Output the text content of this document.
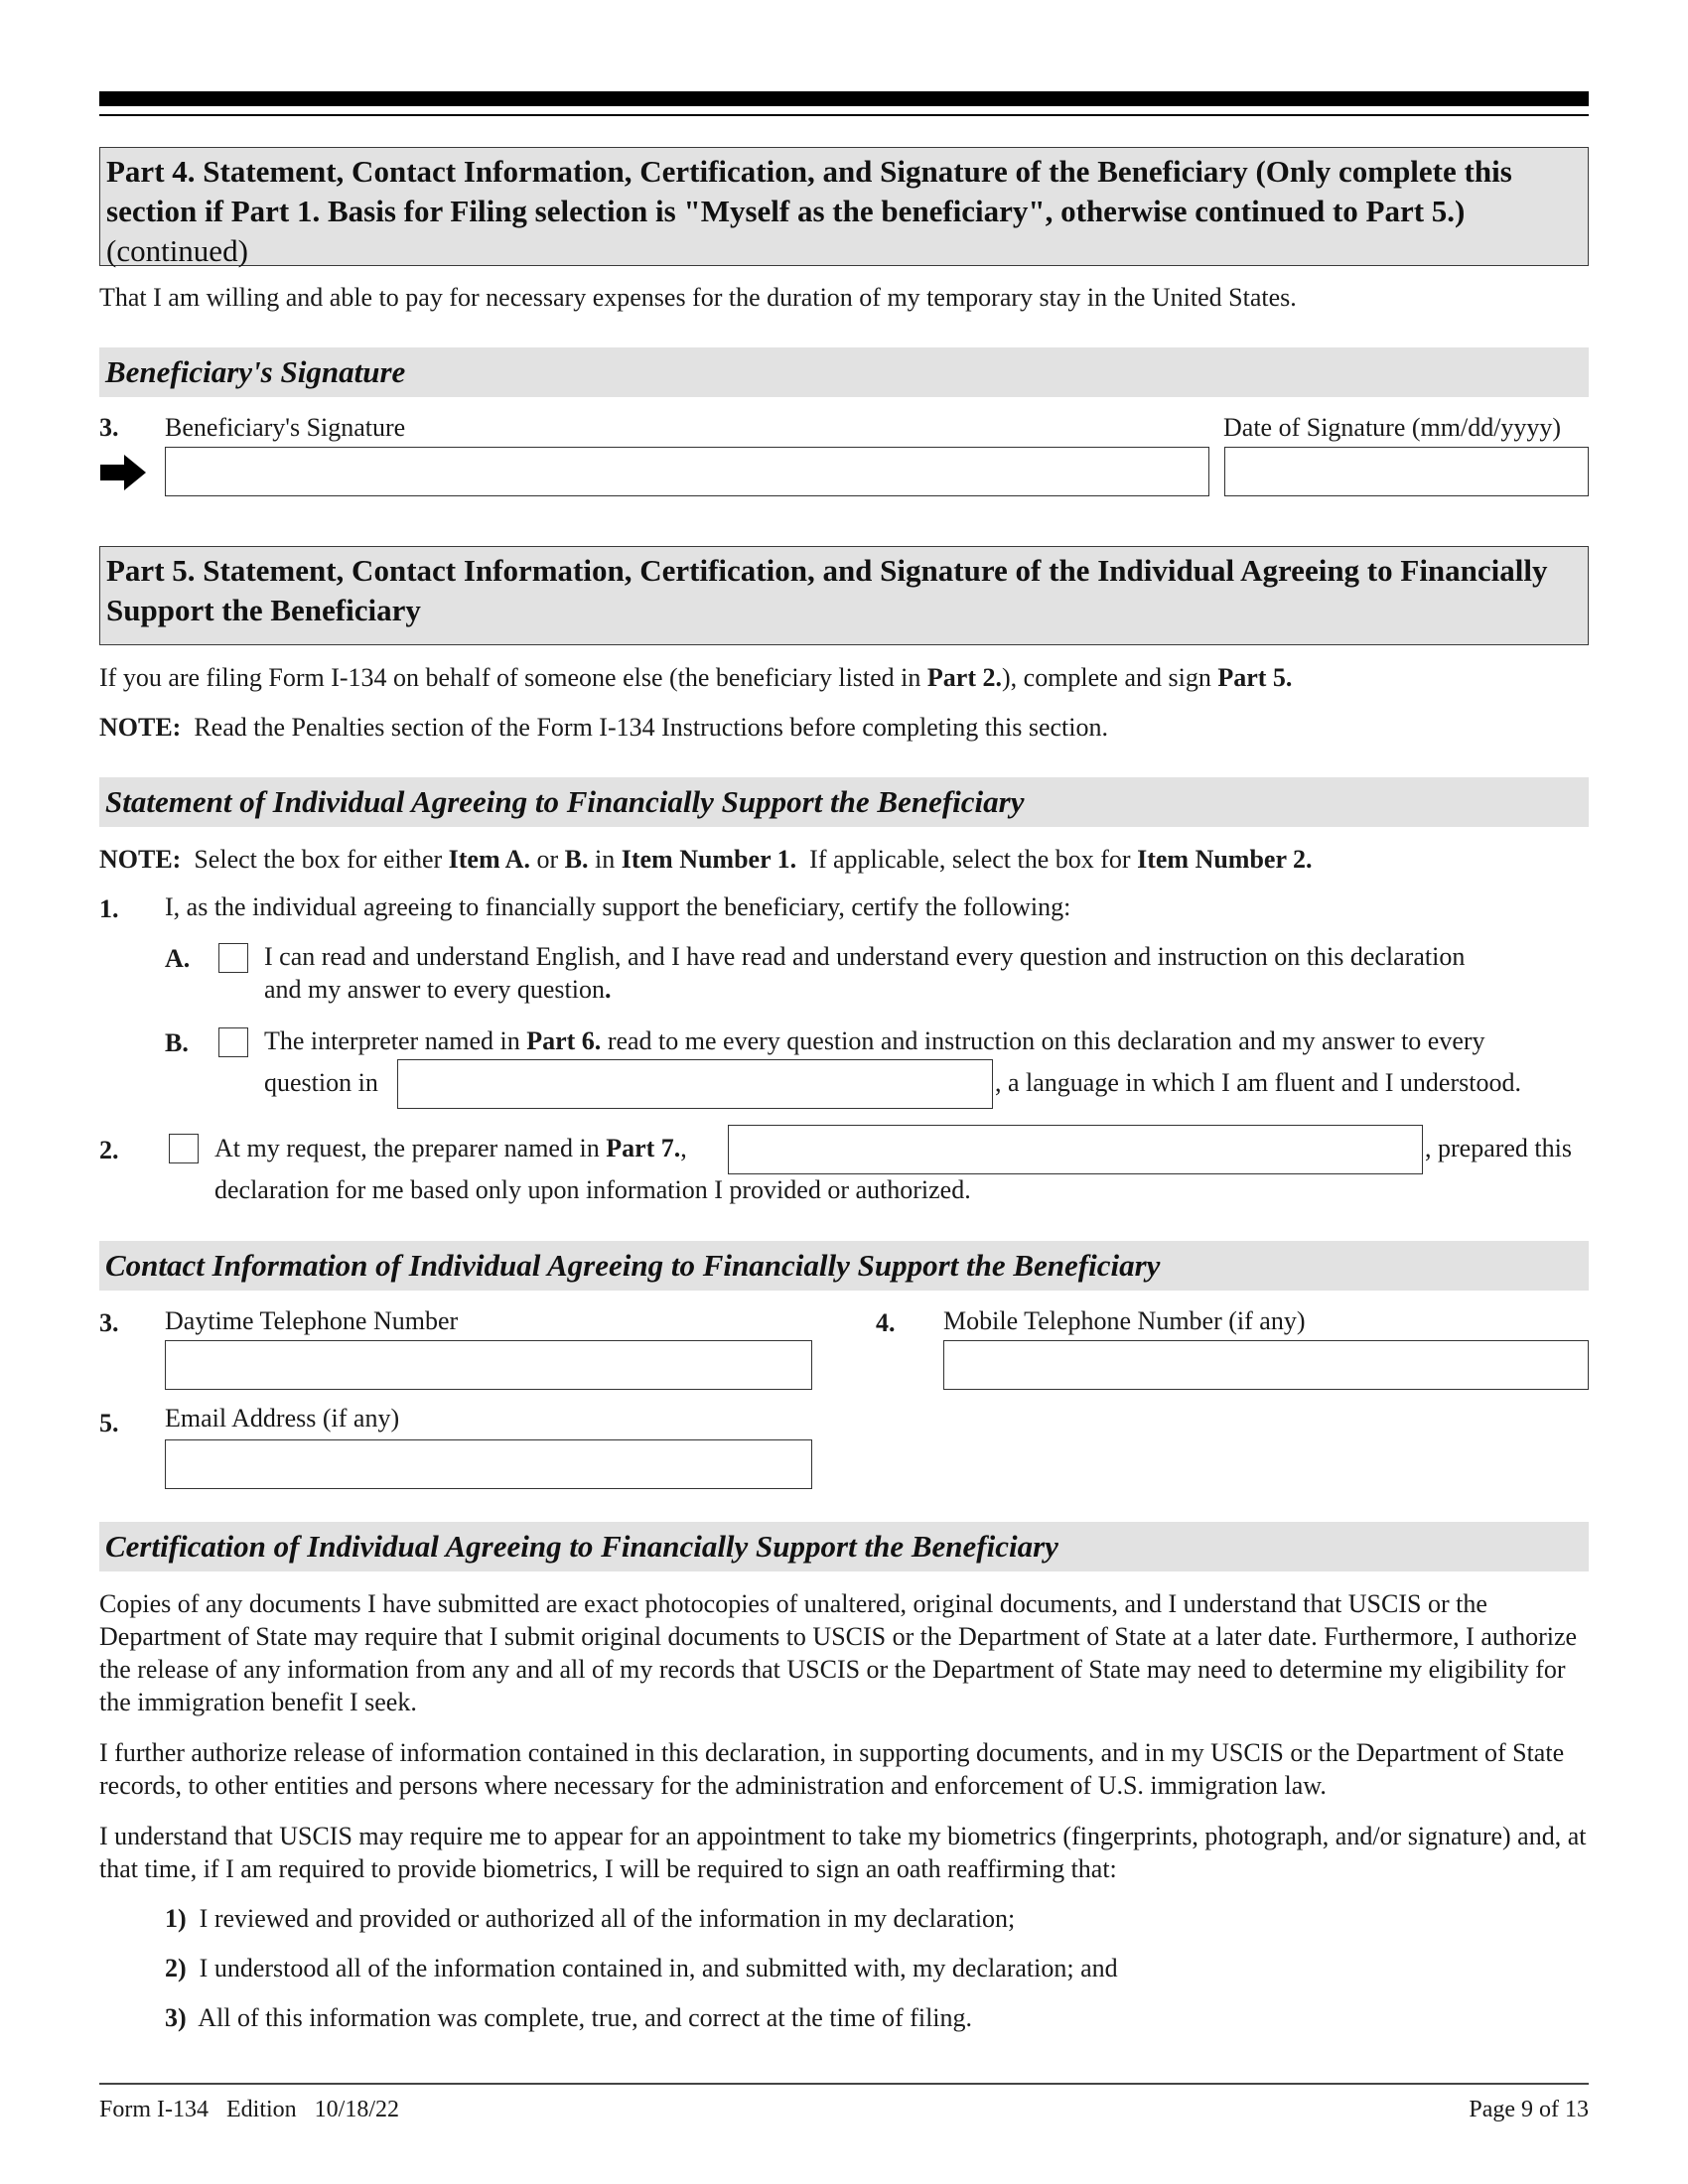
Part 4. Statement, Contact Information, Certification, and Signature of the Beneficiary (Only complete this section if Part 1. Basis for Filing selection is "Myself as the beneficiary", otherwise continued to Part 5.) (continued)
That I am willing and able to pay for necessary expenses for the duration of my temporary stay in the United States.
Beneficiary's Signature
3. Beneficiary's Signature	Date of Signature (mm/dd/yyyy)
Part 5. Statement, Contact Information, Certification, and Signature of the Individual Agreeing to Financially Support the Beneficiary
If you are filing Form I-134 on behalf of someone else (the beneficiary listed in Part 2.), complete and sign Part 5.
NOTE:  Read the Penalties section of the Form I-134 Instructions before completing this section.
Statement of Individual Agreeing to Financially Support the Beneficiary
NOTE:  Select the box for either Item A. or B. in Item Number 1.  If applicable, select the box for Item Number 2.
1. I, as the individual agreeing to financially support the beneficiary, certify the following:
A.	I can read and understand English, and I have read and understand every question and instruction on this declaration
and my answer to every question.
B.	The interpreter named in Part 6. read to me every question and instruction on this declaration and my answer to every
question in	, a language in which I am fluent and I understood.
2.	At my request, the preparer named in Part 7.,	, prepared this
declaration for me based only upon information I provided or authorized.
Contact Information of Individual Agreeing to Financially Support the Beneficiary
3. Daytime Telephone Number	4. Mobile Telephone Number (if any)
5. Email Address (if any)
Certification of Individual Agreeing to Financially Support the Beneficiary
Copies of any documents I have submitted are exact photocopies of unaltered, original documents, and I understand that USCIS or the Department of State may require that I submit original documents to USCIS or the Department of State at a later date. Furthermore, I authorize the release of any information from any and all of my records that USCIS or the Department of State may need to determine my eligibility for the immigration benefit I seek.
I further authorize release of information contained in this declaration, in supporting documents, and in my USCIS or the Department of State records, to other entities and persons where necessary for the administration and enforcement of U.S. immigration law.
I understand that USCIS may require me to appear for an appointment to take my biometrics (fingerprints, photograph, and/or signature) and, at that time, if I am required to provide biometrics, I will be required to sign an oath reaffirming that:
1) I reviewed and provided or authorized all of the information in my declaration;
2) I understood all of the information contained in, and submitted with, my declaration; and
3) All of this information was complete, true, and correct at the time of filing.
Form I-134 Edition 10/18/22	Page 9 of 13
